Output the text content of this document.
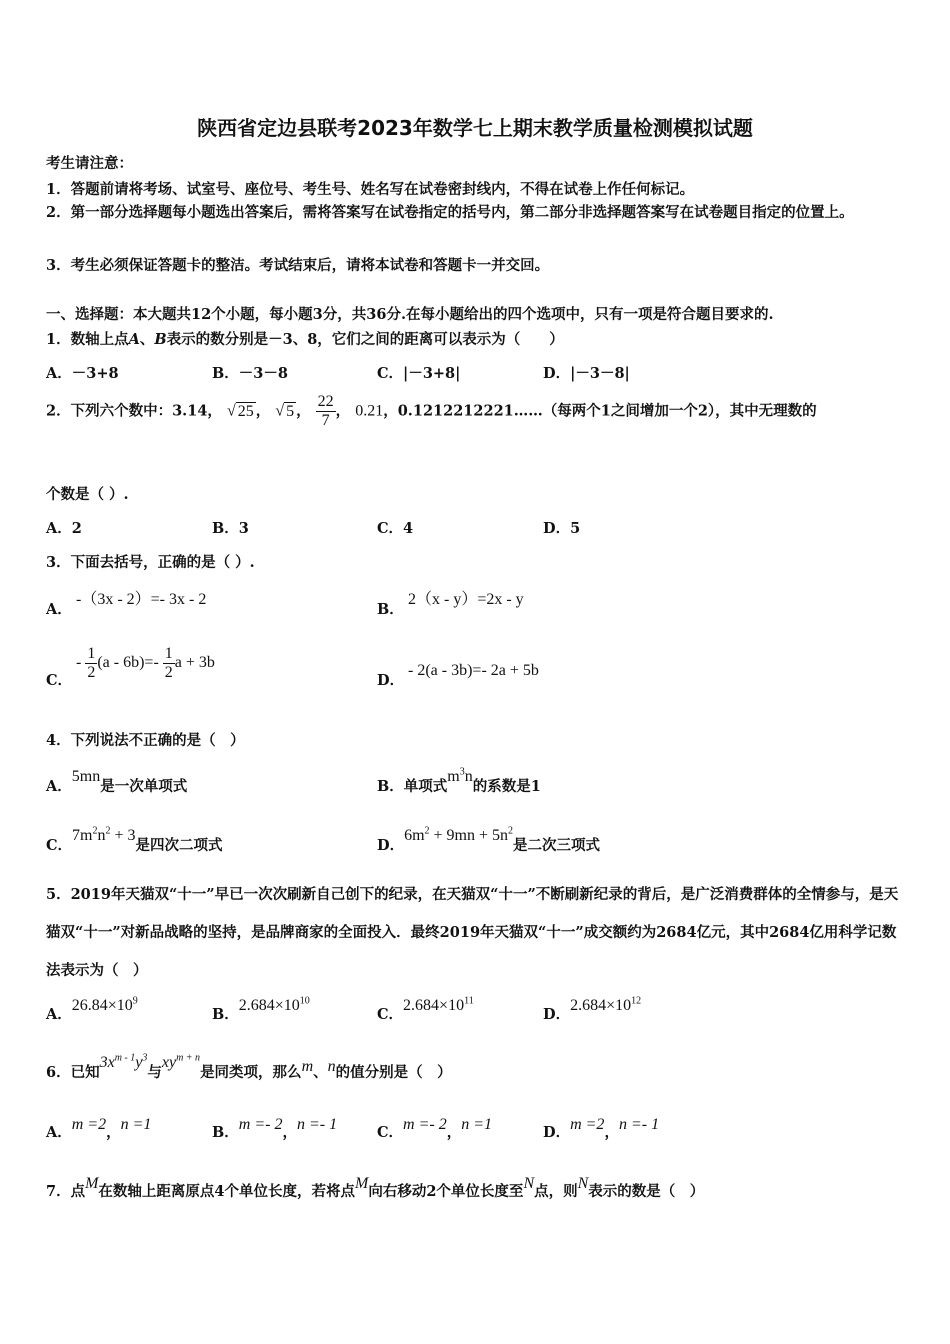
陕西省定边县联考2023年数学七上期末教学质量检测模拟试题
考生请注意：
1．答题前请将考场、试室号、座位号、考生号、姓名写在试卷密封线内，不得在试卷上作任何标记。
2．第一部分选择题每小题选出答案后，需将答案写在试卷指定的括号内，第二部分非选择题答案写在试卷题目指定的位置上。
3．考生必须保证答题卡的整洁。考试结束后，请将本试卷和答题卡一并交回。
一、选择题：本大题共12个小题，每小题3分，共36分.在每小题给出的四个选项中，只有一项是符合题目要求的.
1．数轴上点A、B表示的数分别是－3、8，它们之间的距离可以表示为（　　）
A．－3+8	B．－3－8	C．|－3+8|	D．|－3－8|
2．下列六个数中：3.14， √ 25 ， √ 5 ， $\frac{22}{7}$ ， 0.21，0.1212212221……（每两个1之间增加一个2），其中无理数的
个数是（ ）.
A．2	B．3	C．4	D．5
3．下面去括号，正确的是（ ）.
A．
-（3x - 2）=- 3x - 2
B．
2（x - y）=2x - y
C．
- $\frac{1}{2} (a - 6b)=- \frac{1}{2}$ a + 3b
D．
- 2(a - 3b)=- 2a + 5b
4．下列说法不正确的是（　）
A．5mn是一次单项式	B．单项式$m^3n$的系数是1
C．$7m^2n^2 + 3$是四次二项式	D．$6m^2 + 9mn + 5n^2$是二次三项式
5．2019年天猫双“十一”早已一次次刷新自己创下的纪录，在天猫双“十一”不断刷新纪录的背后，是广泛消费群体的全情参与，是天猫双“十一”对新品战略的坚持，是品牌商家的全面投入．最终2019年天猫双“十一”成交额约为2684亿元，其中2684亿用科学记数法表示为（　）
A．$26.84\times 10^9$
B．$2.684\times 10^{10}$
C．$2.684\times 10^{11}$
D．$2.684\times 10^{12}$
6．已知$3x^{m - 1}y^3$与$xy^{m + n}$是同类项，那么m、n的值分别是（　）
A．m =2，n =1	B．m =- 2，n =- 1	C．m =- 2，n =1	D．m =2，n =- 1
7．点M在数轴上距离原点4个单位长度，若将点M向右移动2个单位长度至N点，则N表示的数是（　）
